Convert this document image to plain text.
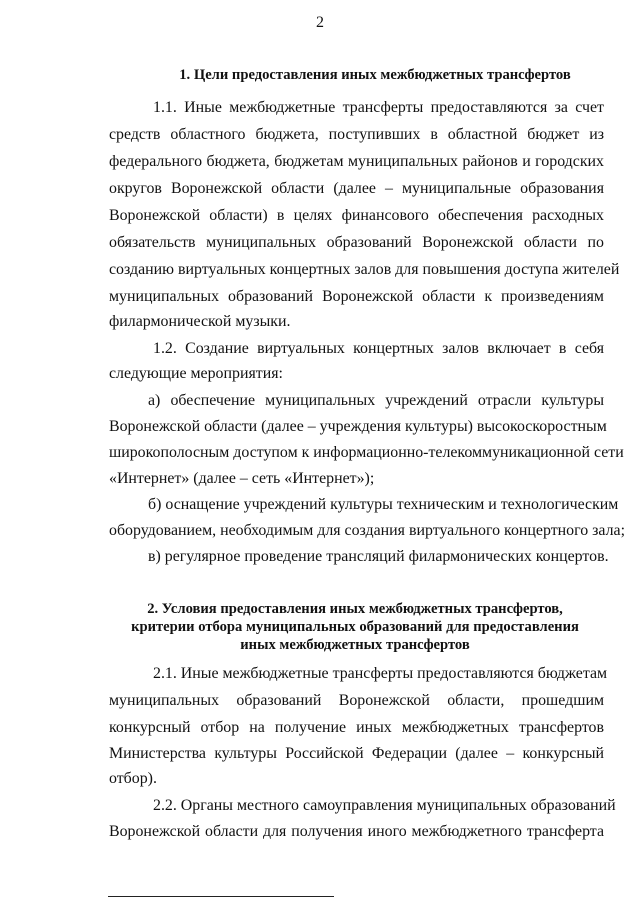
2
1. Цели предоставления иных межбюджетных трансфертов
1.1. Иные межбюджетные трансферты предоставляются за счет
средств областного бюджета, поступивших в областной бюджет из
федерального бюджета, бюджетам муниципальных районов и городских
округов Воронежской области (далее – муниципальные образования
Воронежской области) в целях финансового обеспечения расходных
обязательств муниципальных образований Воронежской области по
созданию виртуальных концертных залов для повышения доступа жителей
муниципальных образований Воронежской области к произведениям
филармонической музыки.
1.2. Создание виртуальных концертных залов включает в себя
следующие мероприятия:
а) обеспечение муниципальных учреждений отрасли культуры
Воронежской области (далее – учреждения культуры) высокоскоростным
широкополосным доступом к информационно-телекоммуникационной сети
«Интернет» (далее – сеть «Интернет»);
б) оснащение учреждений культуры техническим и технологическим
оборудованием, необходимым для создания виртуального концертного зала;
в) регулярное проведение трансляций филармонических концертов.
2. Условия предоставления иных межбюджетных трансфертов,
критерии отбора муниципальных образований для предоставления
иных межбюджетных трансфертов
2.1. Иные межбюджетные трансферты предоставляются бюджетам
муниципальных образований Воронежской области, прошедшим
конкурсный отбор на получение иных межбюджетных трансфертов
Министерства культуры Российской Федерации (далее – конкурсный
отбор).
2.2. Органы местного самоуправления муниципальных образований
Воронежской области для получения иного межбюджетного трансферта
